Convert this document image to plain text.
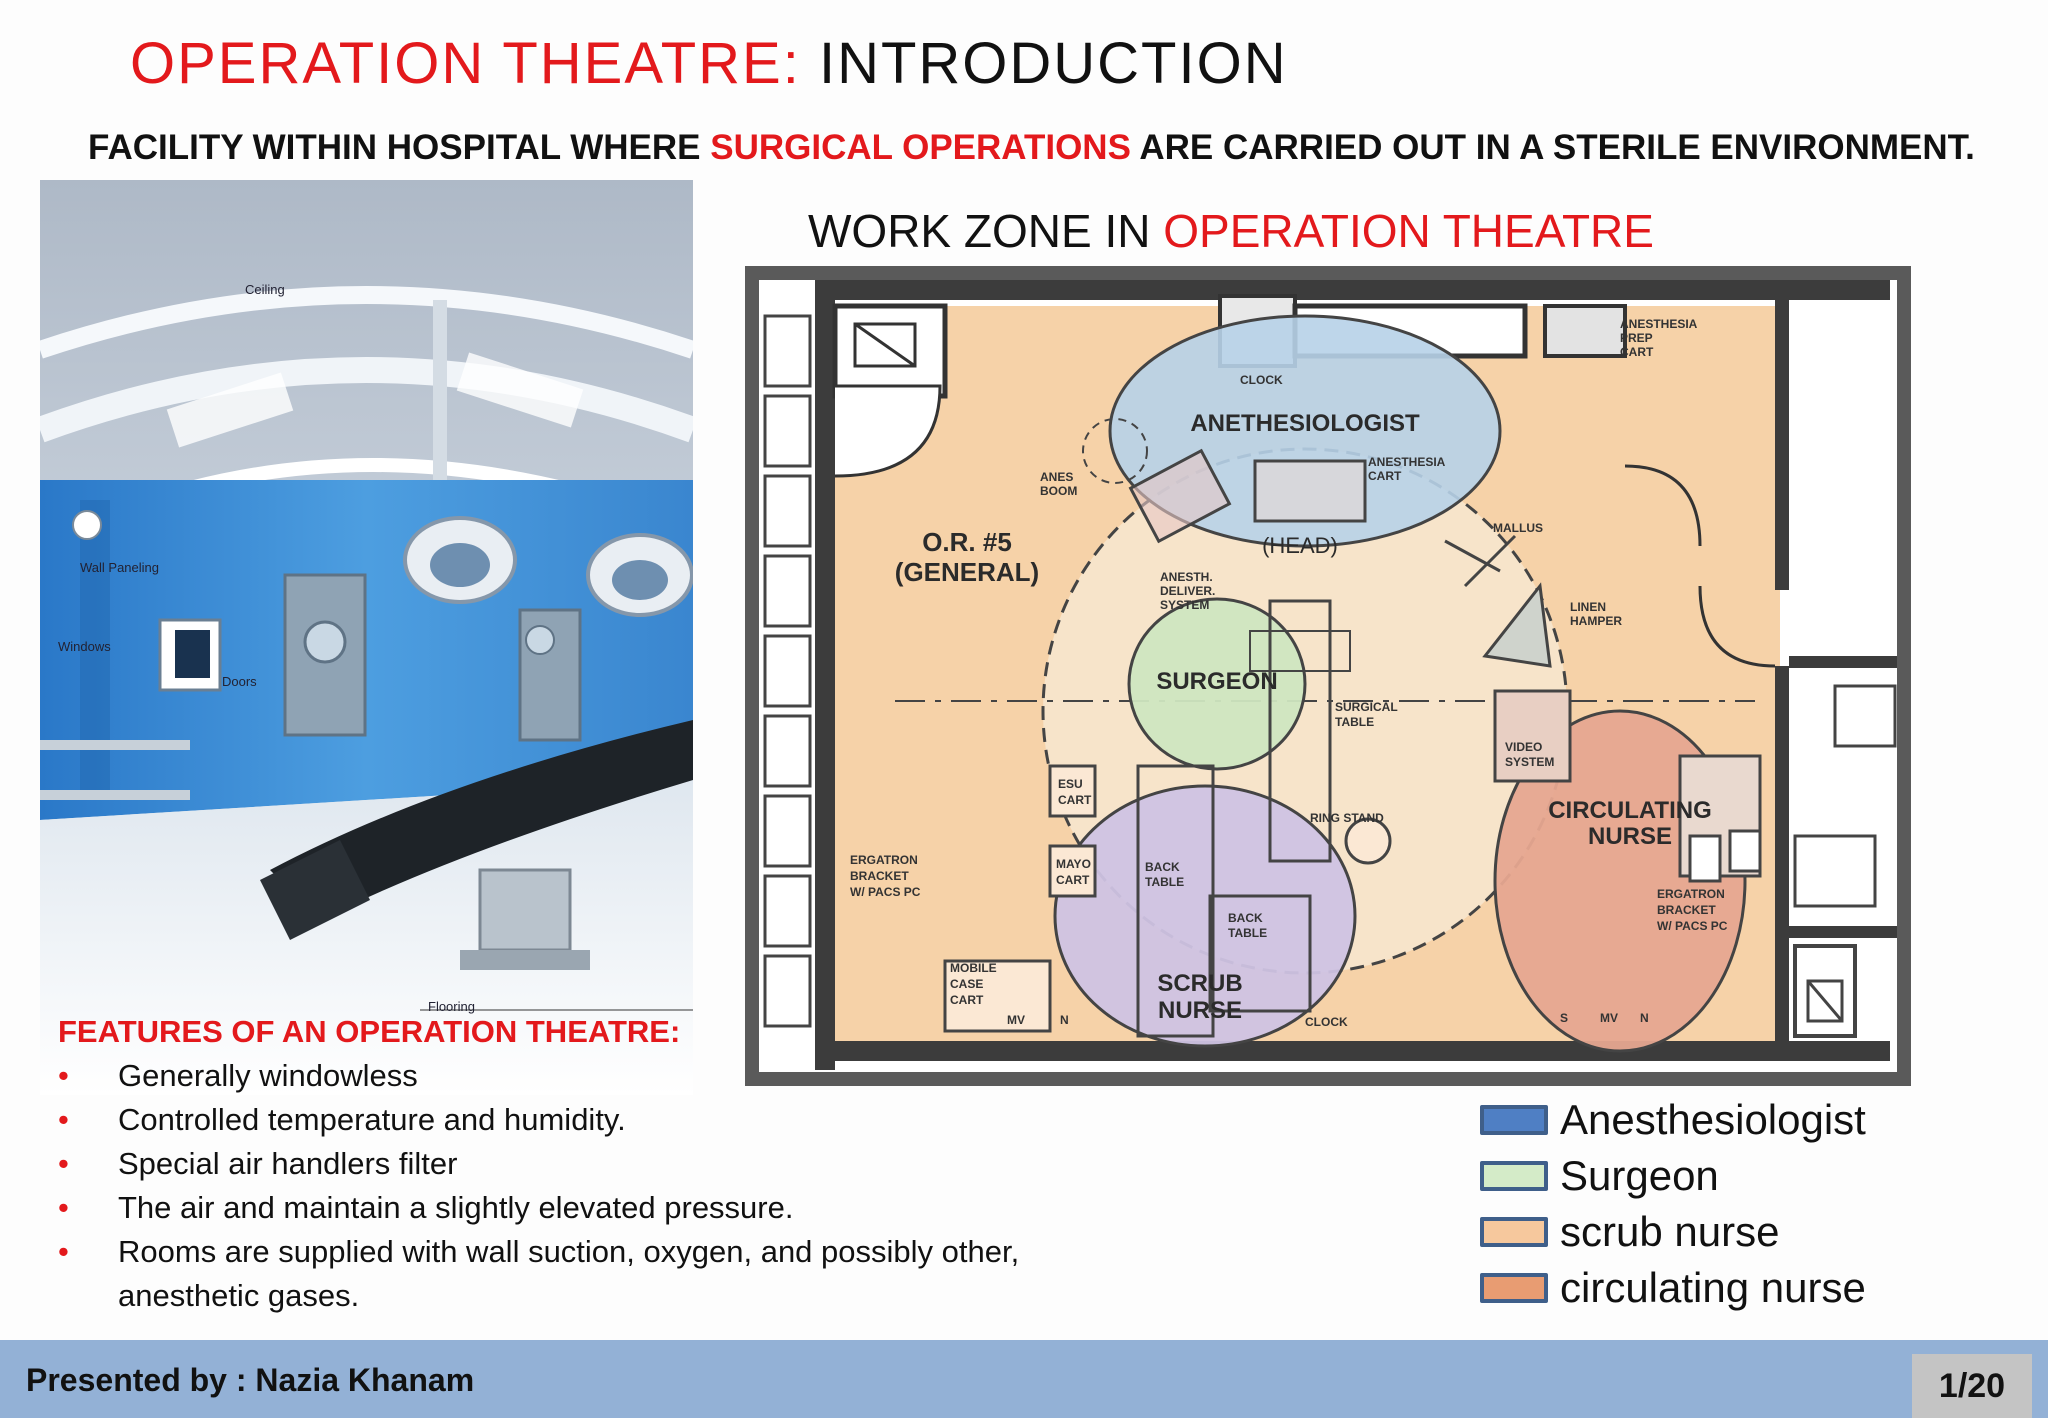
OPERATION THEATRE: INTRODUCTION
FACILITY WITHIN HOSPITAL WHERE SURGICAL OPERATIONS ARE CARRIED OUT IN A STERILE ENVIRONMENT.
WORK ZONE IN OPERATION THEATRE
Ceiling
Wall Paneling
Windows
Doors
Flooring
ANETHESIOLOGIST
SURGEON
SCRUB
NURSE
CIRCULATING
NURSE
O.R. #5
(GENERAL)
(HEAD)
CLOCK
CLOCK
ANESTHESIA
PREP
CART
ANESTHESIA
CART
ANES
BOOM
ANESTH.
DELIVER.
SYSTEM
MALLUS
LINEN
HAMPER
SURGICAL
TABLE
VIDEO
SYSTEM
ESU
CART
MAYO
CART
BACK
TABLE
BACK
TABLE
RING STAND
ERGATRON
BRACKET
W/ PACS PC	ERGATRON
BRACKET
W/ PACS PC
MOBILE
CASE
CART
MV	N	S	MV N
FEATURES OF AN OPERATION THEATRE:
• Generally windowless
• Controlled temperature and humidity.
• Special air handlers filter
• The air and maintain a slightly elevated pressure.
• Rooms are supplied with wall suction, oxygen, and possibly other, anesthetic gases.
Anesthesiologist
Surgeon
scrub nurse
circulating nurse
Presented by : Nazia Khanam	1/20
